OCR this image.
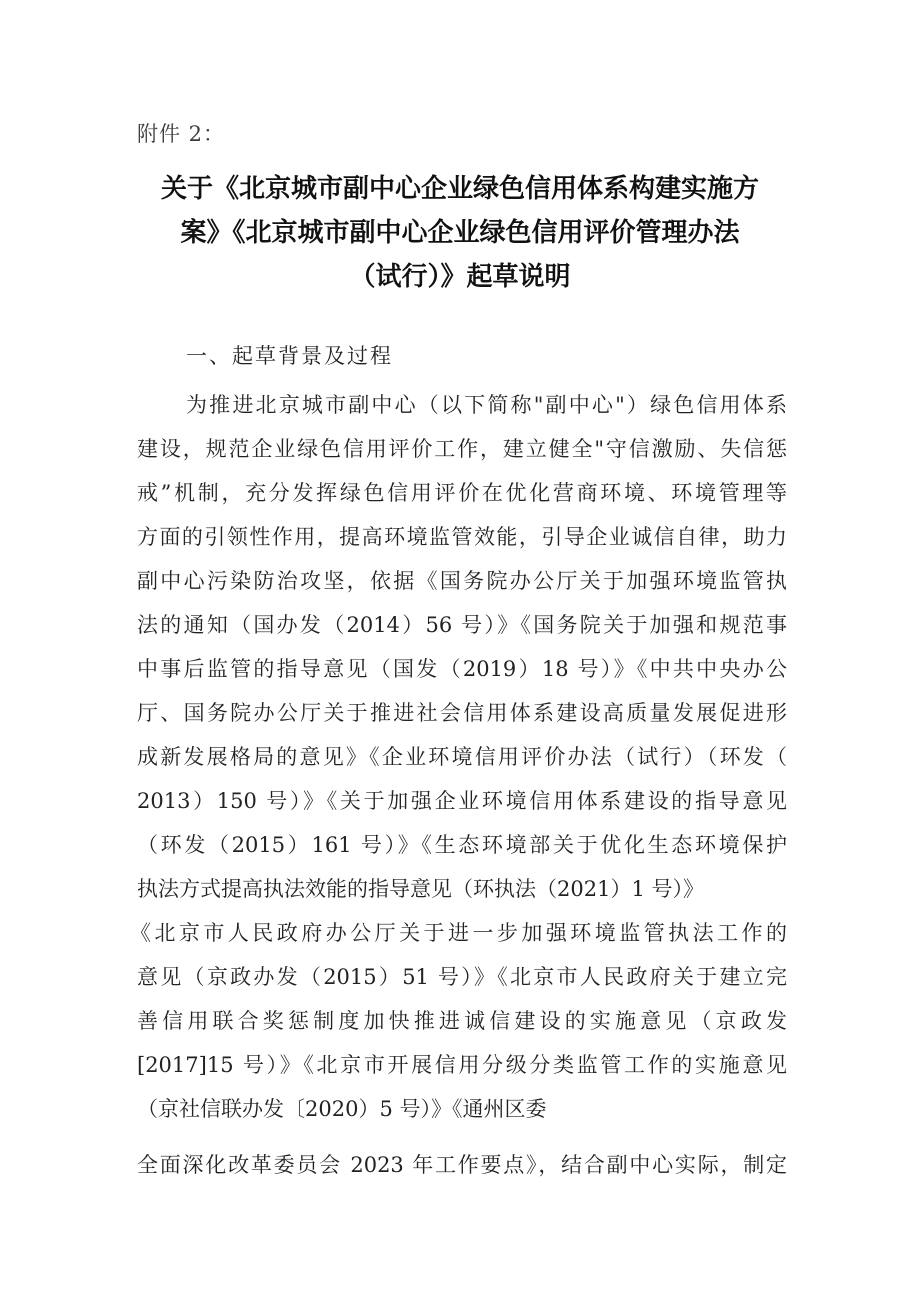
附件 2：
关于《北京城市副中心企业绿色信用体系构建实施方
案》《北京城市副中心企业绿色信用评价管理办法
（试行）》起草说明
一、起草背景及过程
为推进北京城市副中心（以下简称"副中心"）绿色信用体系
建设，规范企业绿色信用评价工作，建立健全"守信激励、失信惩
戒”机制，充分发挥绿色信用评价在优化营商环境、环境管理等
方面的引领性作用，提高环境监管效能，引导企业诚信自律，助力
副中心污染防治攻坚，依据《国务院办公厅关于加强环境监管执
法的通知（国办发（2014）56 号）》《国务院关于加强和规范事
中事后监管的指导意见（国发（2019）18 号）》《中共中央办公
厅、国务院办公厅关于推进社会信用体系建设高质量发展促进形
成新发展格局的意见》《企业环境信用评价办法（试行）（环发（
2013）150 号）》《关于加强企业环境信用体系建设的指导意见
（环发（2015）161 号）》《生态环境部关于优化生态环境保护
执法方式提高执法效能的指导意见（环执法（2021）1 号）》
《北京市人民政府办公厅关于进一步加强环境监管执法工作的
意见（京政办发（2015）51 号）》《北京市人民政府关于建立完
善信用联合奖惩制度加快推进诚信建设的实施意见（京政发
[2017]15 号）》《北京市开展信用分级分类监管工作的实施意见
（京社信联办发〔2020）5 号）》《通州区委
全面深化改革委员会 2023 年工作要点》，结合副中心实际，制定
